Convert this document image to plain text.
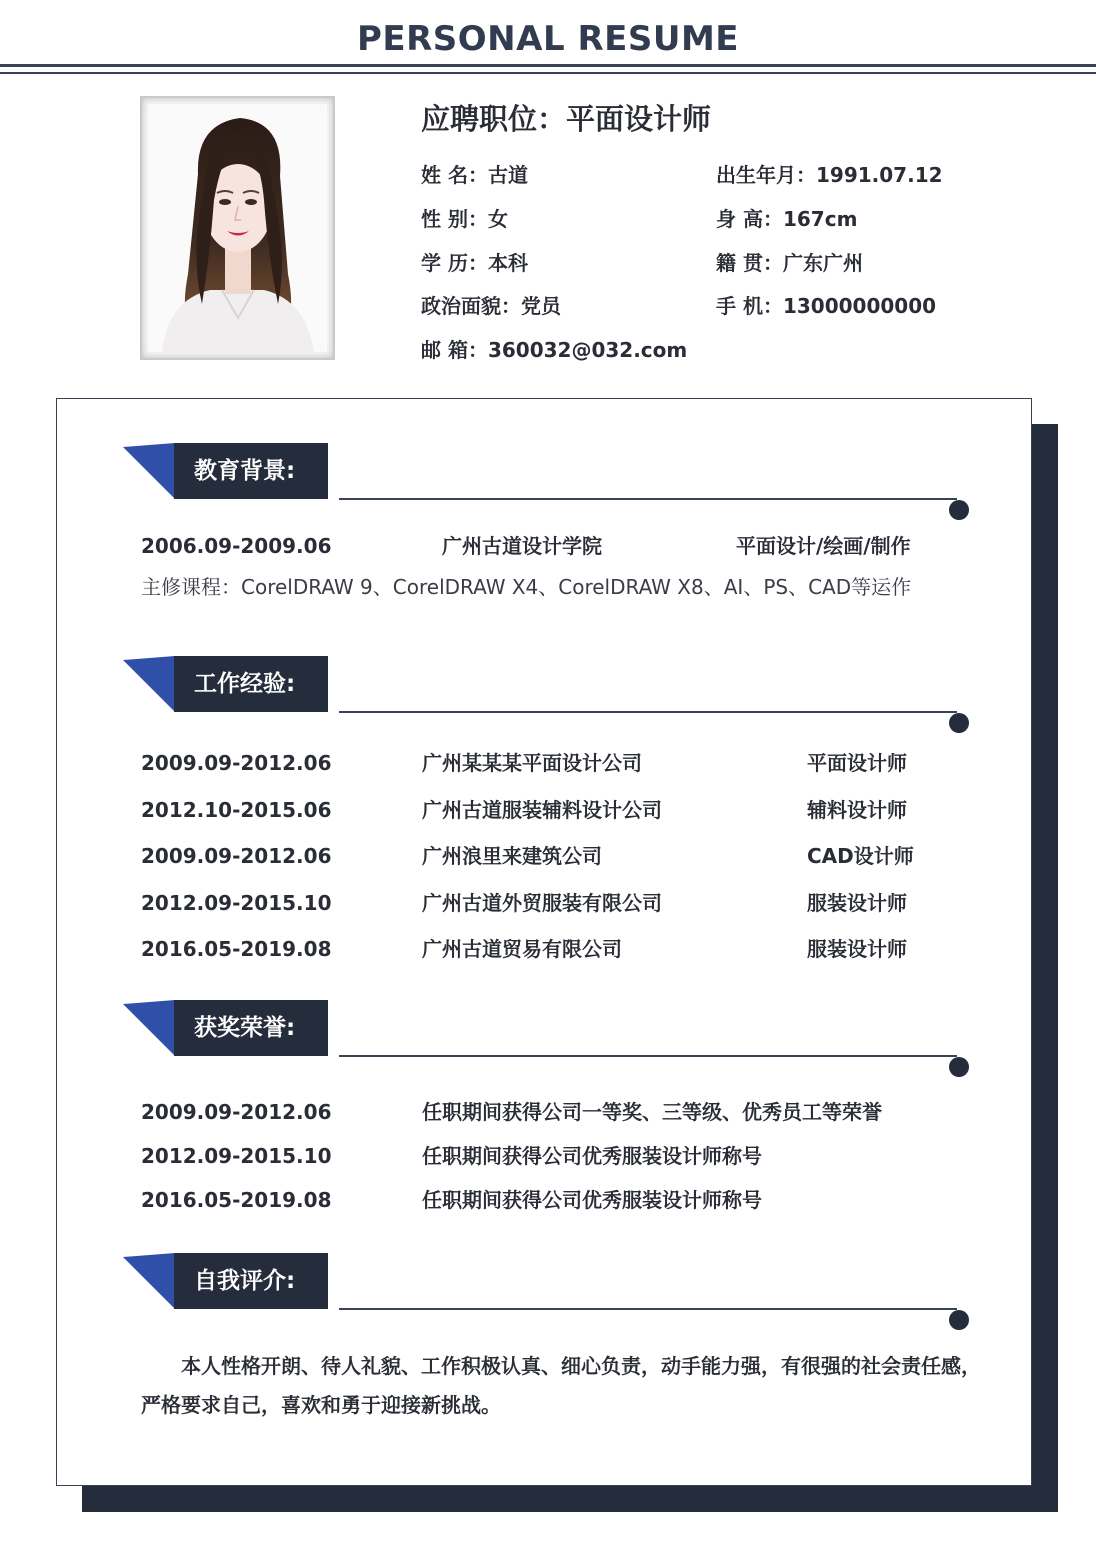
PERSONAL RESUME
应聘职位：平面设计师
姓 名：古道	出生年月：1991.07.12
性 别：女	身 高：167cm
学 历：本科	籍 贯：广东广州
政治面貌：党员	手 机：13000000000
邮 箱：360032@032.com
教育背景:
2006.09-2009.06	广州古道设计学院	平面设计/绘画/制作
主修课程：CorelDRAW 9、CorelDRAW X4、CorelDRAW X8、AI、PS、CAD等运作
工作经验:
2009.09-2012.06	广州某某某平面设计公司	平面设计师
2012.10-2015.06	广州古道服装辅料设计公司	辅料设计师
2009.09-2012.06	广州浪里来建筑公司	CAD设计师
2012.09-2015.10	广州古道外贸服装有限公司	服装设计师
2016.05-2019.08	广州古道贸易有限公司	服装设计师
获奖荣誉:
2009.09-2012.06	任职期间获得公司一等奖、三等级、优秀员工等荣誉
2012.09-2015.10	任职期间获得公司优秀服装设计师称号
2016.05-2019.08	任职期间获得公司优秀服装设计师称号
自我评介:
本人性格开朗、待人礼貌、工作积极认真、细心负责，动手能力强，有很强的社会责任感，严格要求自己，喜欢和勇于迎接新挑战。
